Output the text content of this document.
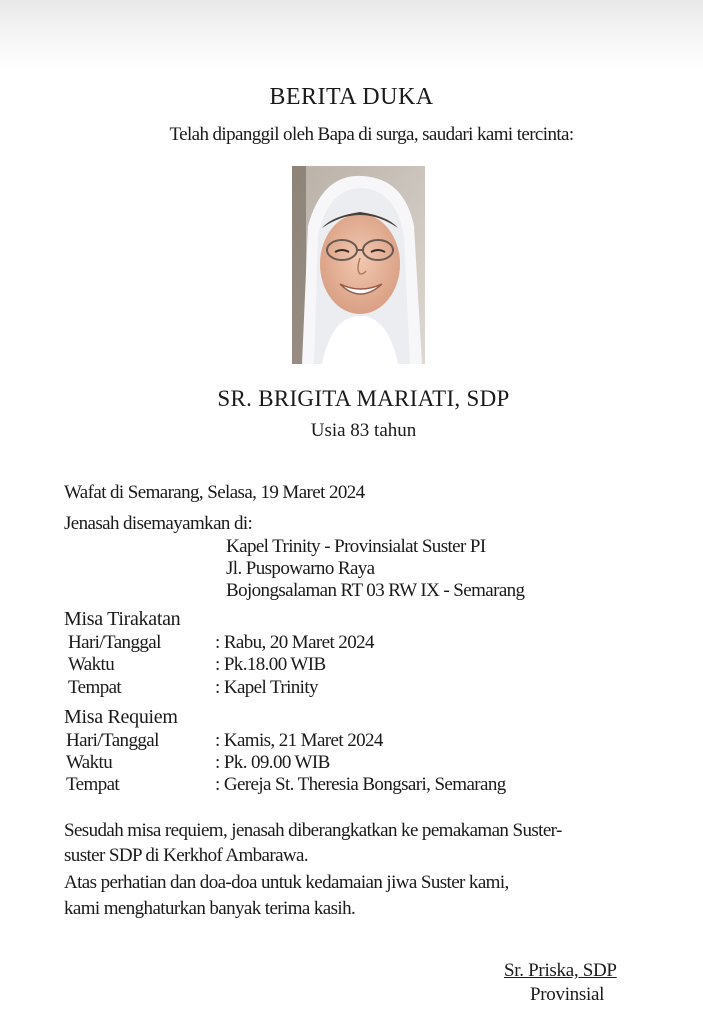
BERITA DUKA
Telah dipanggil oleh Bapa di surga, saudari kami tercinta:
SR. BRIGITA MARIATI, SDP
Usia 83 tahun
Wafat di Semarang, Selasa, 19 Maret 2024
Jenasah disemayamkan di:
Kapel Trinity - Provinsialat Suster PI
Jl. Puspowarno Raya
Bojongsalaman RT 03 RW IX - Semarang
Misa Tirakatan
Hari/Tanggal	: Rabu, 20 Maret 2024
Waktu	: Pk.18.00 WIB
Tempat	: Kapel Trinity
Misa Requiem
Hari/Tanggal	: Kamis, 21 Maret 2024
Waktu	: Pk. 09.00 WIB
Tempat	: Gereja St. Theresia Bongsari, Semarang
Sesudah misa requiem, jenasah diberangkatkan ke pemakaman Suster-
suster SDP di Kerkhof Ambarawa.
Atas perhatian dan doa-doa untuk kedamaian jiwa Suster kami,
kami menghaturkan banyak terima kasih.
Sr. Priska, SDP
Provinsial
